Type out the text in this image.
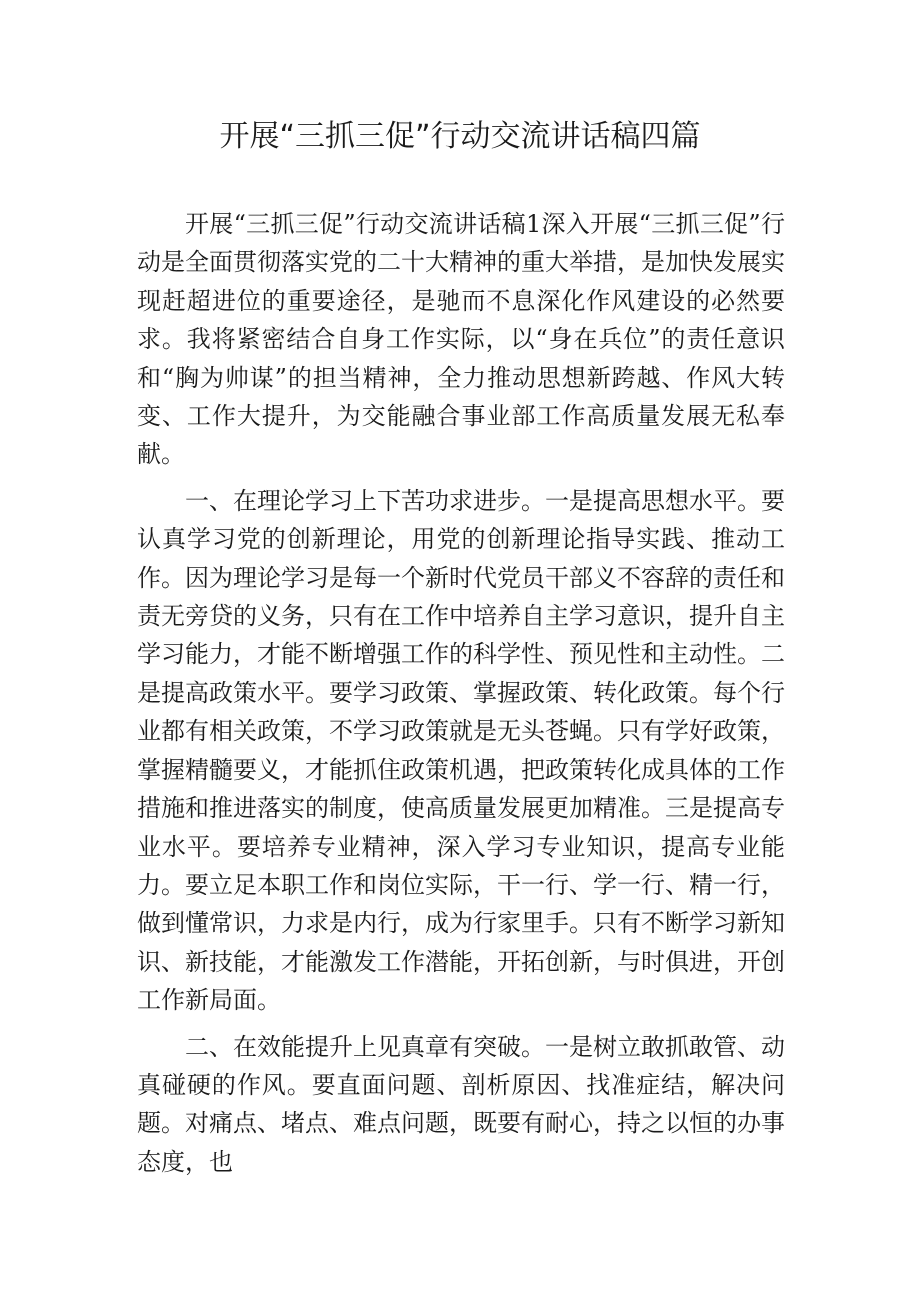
开展“三抓三促”行动交流讲话稿四篇

开展“三抓三促”行动交流讲话稿1深入开展“三抓三促”行动是全面贯彻落实党的二十大精神的重大举措，是加快发展实现赶超进位的重要途径，是驰而不息深化作风建设的必然要求。我将紧密结合自身工作实际，以“身在兵位”的责任意识和“胸为帅谋”的担当精神，全力推动思想新跨越、作风大转变、工作大提升，为交能融合事业部工作高质量发展无私奉献。

一、在理论学习上下苦功求进步。一是提高思想水平。要认真学习党的创新理论，用党的创新理论指导实践、推动工作。因为理论学习是每一个新时代党员干部义不容辞的责任和责无旁贷的义务，只有在工作中培养自主学习意识，提升自主学习能力，才能不断增强工作的科学性、预见性和主动性。二是提高政策水平。要学习政策、掌握政策、转化政策。每个行业都有相关政策，不学习政策就是无头苍蝇。只有学好政策，掌握精髓要义，才能抓住政策机遇，把政策转化成具体的工作措施和推进落实的制度，使高质量发展更加精准。三是提高专业水平。要培养专业精神，深入学习专业知识，提高专业能力。要立足本职工作和岗位实际，干一行、学一行、精一行，做到懂常识，力求是内行，成为行家里手。只有不断学习新知识、新技能，才能激发工作潜能，开拓创新，与时俱进，开创工作新局面。

二、在效能提升上见真章有突破。一是树立敢抓敢管、动真碰硬的作风。要直面问题、剖析原因、找准症结，解决问题。对痛点、堵点、难点问题，既要有耐心，持之以恒的办事态度，也
